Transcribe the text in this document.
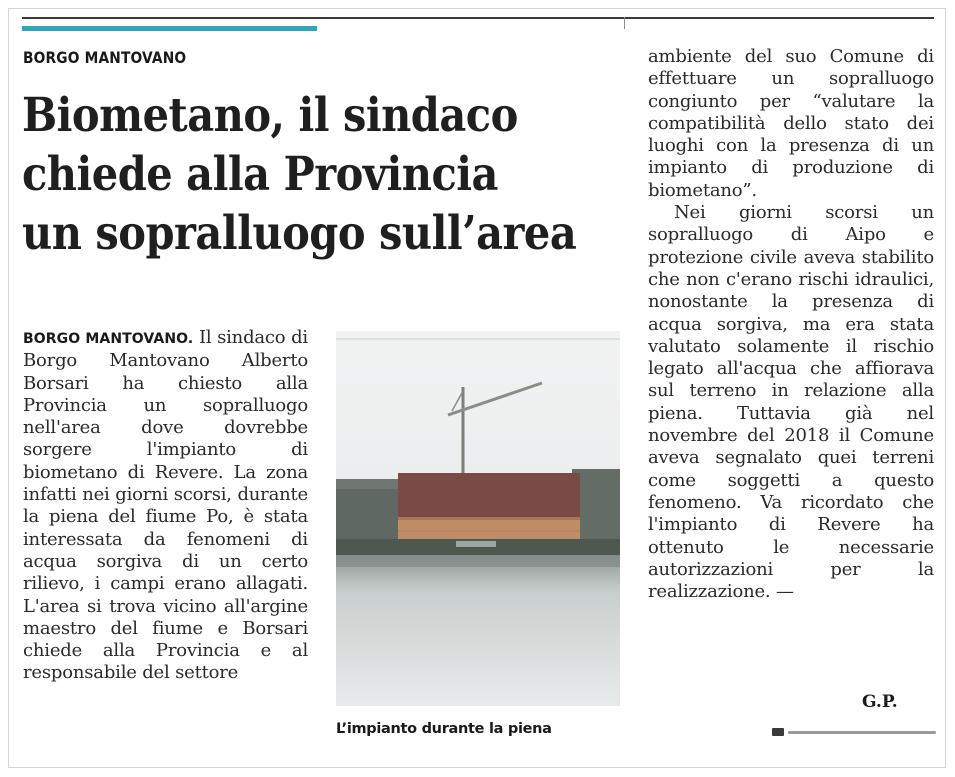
BORGO MANTOVANO
Biometano, il sindaco
chiede alla Provincia
un sopralluogo sull’area
BORGO MANTOVANO. Il sindaco di Borgo Mantovano Alberto Borsari ha chiesto alla Provincia un sopralluogo nell'area dove dovrebbe sorgere l'impianto di biometano di Revere. La zona infatti nei giorni scorsi, durante la piena del fiume Po, è stata interessata da fenomeni di acqua sorgiva di un certo rilievo, i campi erano allagati. L'area si trova vicino all'argine maestro del fiume e Borsari chiede alla Provincia e al responsabile del settore
L’impianto durante la piena

ambiente del suo Comune di effettuare un sopralluogo congiunto per “valutare la compatibilità dello stato dei luoghi con la presenza di un impianto di produzione di biometano”.

Nei giorni scorsi un sopralluogo di Aipo e protezione civile aveva stabilito che non c'erano rischi idraulici, nonostante la presenza di acqua sorgiva, ma era stata valutato solamente il rischio legato all'acqua che affiorava sul terreno in relazione alla piena. Tuttavia già nel novembre del 2018 il Comune aveva segnalato quei terreni come soggetti a questo fenomeno. Va ricordato che l'impianto di Revere ha ottenuto le necessarie autorizzazioni per la realizzazione. —

G.P.
